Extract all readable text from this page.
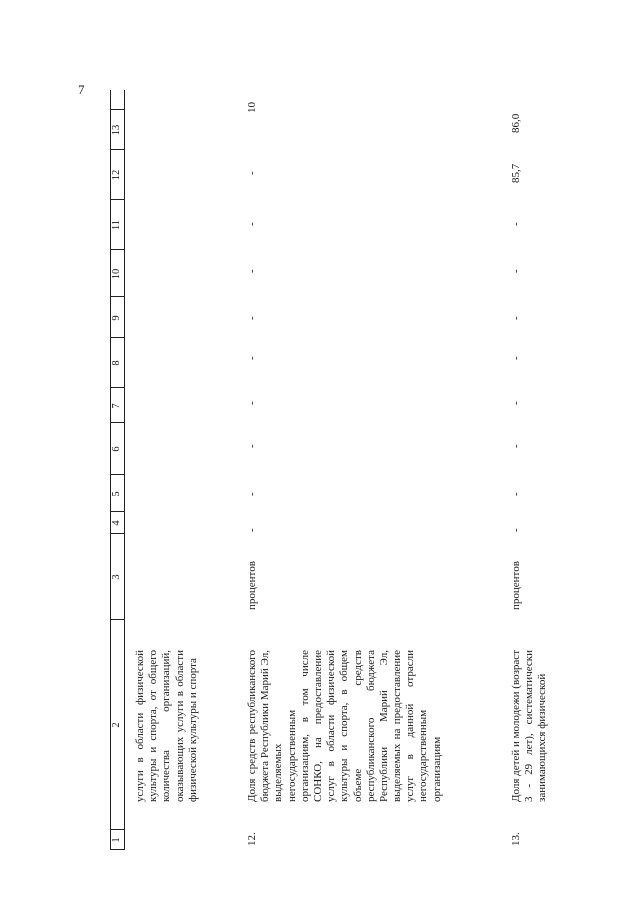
7
1
2
3
4
5
6
7
8
9
10
11
12
13
услуги в области физической культуры и спорта, от общего количества организаций, оказывающих услуги в области физической культуры и спорта
12.
Доля средств республиканского бюджета Республики Марий Эл, выделяемых негосударственным организациям, в том числе СОНКО, на предоставление услуг в области физической культуры и спорта, в общем объеме средств республиканского бюджета Республики Марий Эл, выделяемых на предоставление услуг в данной отрасли негосударственным организациям
процентов
-
-
-
-
-
-
-
-
-
10
13.
Доля детей и молодежи (возраст 3 - 29 лет), систематически занимающихся физической
процентов
-
-
-
-
-
-
-
-
85,7
86,0
